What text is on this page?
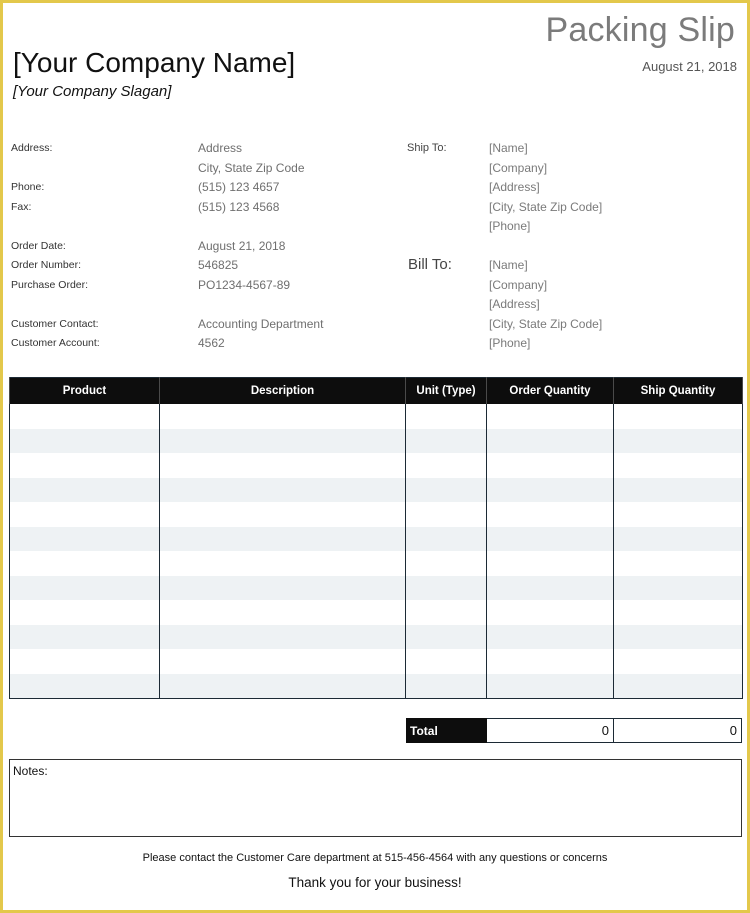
Packing Slip
August 21, 2018
[Your Company Name]
[Your Company Slagan]
Address:	Address
City, State Zip Code
Phone:	(515) 123 4657
Fax:	(515) 123 4568
Order Date:	August 21, 2018
Order Number:	546825
Purchase Order:	PO1234-4567-89
Customer Contact:	Accounting Department
Customer Account:	4562
Ship To:	[Name]
[Company]
[Address]
[City, State Zip Code]
[Phone]
Bill To:	[Name]
[Company]
[Address]
[City, State Zip Code]
[Phone]
Product	Description	Unit (Type)	Order Quantity	Ship Quantity

Total	0	0
Notes:
Please contact the Customer Care department at 515-456-4564 with any questions or concerns
Thank you for your business!
